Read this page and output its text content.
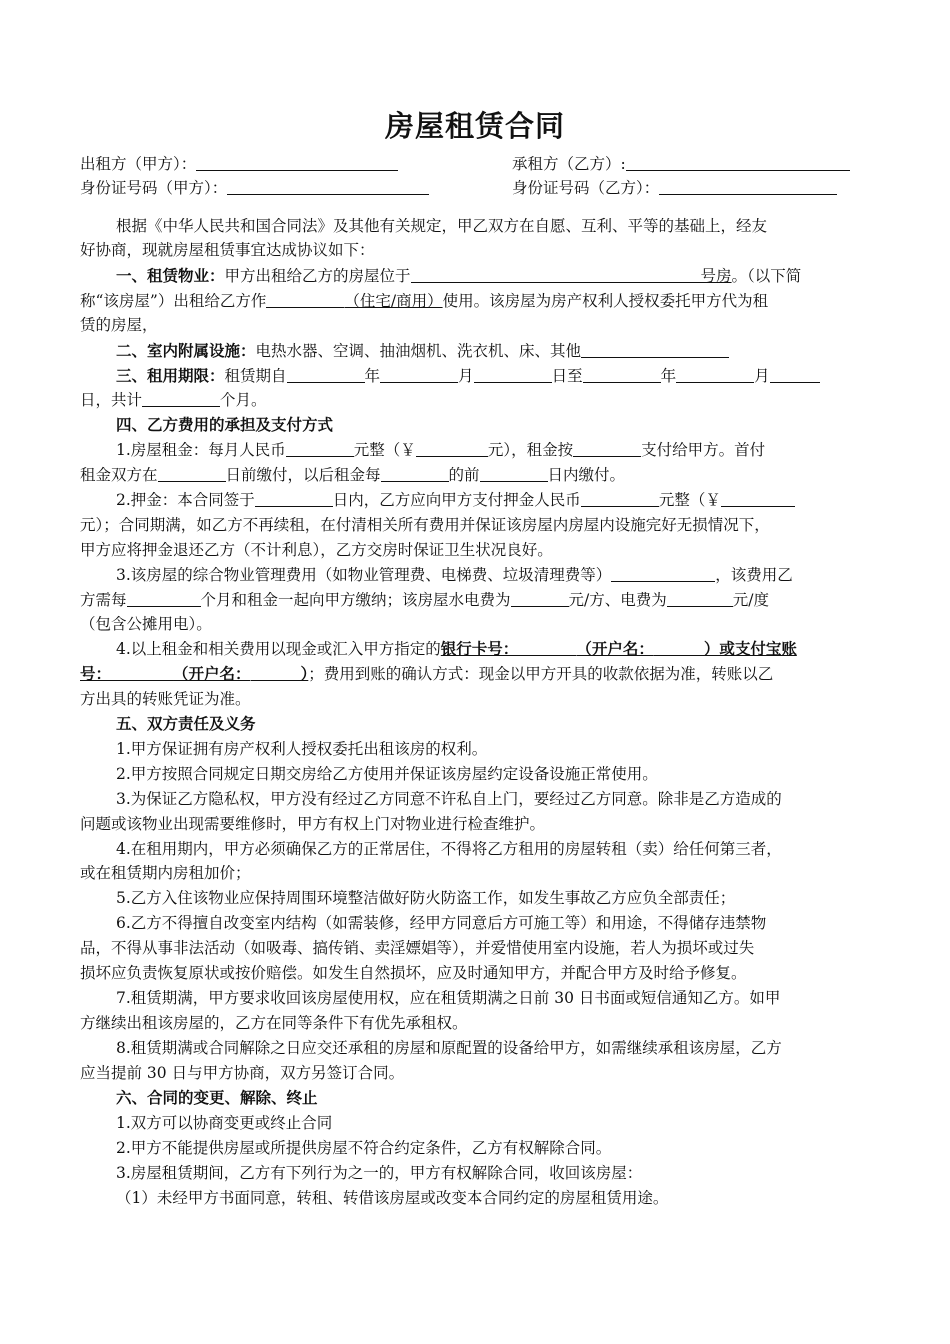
房屋租赁合同
出租方（甲方）：	承租方（乙方）:
身份证号码（甲方）：	身份证号码（乙方）：
根据《中华人民共和国合同法》及其他有关规定，甲乙双方在自愿、互利、平等的基础上，经友
好协商，现就房屋租赁事宜达成协议如下：
一、租赁物业：甲方出租给乙方的房屋位于	号房。（以下简
称“该房屋”）出租给乙方作	（住宅/商用）使用。该房屋为房产权利人授权委托甲方代为租
赁的房屋，
二、室内附属设施：电热水器、空调、抽油烟机、洗衣机、床、其他
三、租用期限：租赁期自	年	月	日至	年	月
日，共计	个月。
四、乙方费用的承担及支付方式
1.房屋租金：每月人民币	元整（￥	元），租金按	支付给甲方。首付
租金双方在	日前缴付，以后租金每	的前	日内缴付。
2.押金：本合同签于	日内，乙方应向甲方支付押金人民币	元整（￥
元）；合同期满，如乙方不再续租，在付清相关所有费用并保证该房屋内房屋内设施完好无损情况下，
甲方应将押金退还乙方（不计利息），乙方交房时保证卫生状况良好。
3.该房屋的综合物业管理费用（如物业管理费、电梯费、垃圾清理费等）	，该费用乙
方需每	个月和租金一起向甲方缴纳；该房屋水电费为	元/方、电费为	元/度
（包含公摊用电）。
4.以上租金和相关费用以现金或汇入甲方指定的银行卡号：	（开户名：	）或支付宝账
号：	（开户名：	）；费用到账的确认方式：现金以甲方开具的收款依据为准，转账以乙
方出具的转账凭证为准。
五、双方责任及义务
1.甲方保证拥有房产权利人授权委托出租该房的权利。
2.甲方按照合同规定日期交房给乙方使用并保证该房屋约定设备设施正常使用。
3.为保证乙方隐私权，甲方没有经过乙方同意不许私自上门，要经过乙方同意。除非是乙方造成的
问题或该物业出现需要维修时，甲方有权上门对物业进行检查维护。
4.在租用期内，甲方必须确保乙方的正常居住，不得将乙方租用的房屋转租（卖）给任何第三者，
或在租赁期内房租加价；
5.乙方入住该物业应保持周围环境整洁做好防火防盗工作，如发生事故乙方应负全部责任；
6.乙方不得擅自改变室内结构（如需装修，经甲方同意后方可施工等）和用途，不得储存违禁物
品，不得从事非法活动（如吸毒、搞传销、卖淫嫖娼等），并爱惜使用室内设施，若人为损坏或过失
损坏应负责恢复原状或按价赔偿。如发生自然损坏，应及时通知甲方，并配合甲方及时给予修复。
7.租赁期满，甲方要求收回该房屋使用权，应在租赁期满之日前 30 日书面或短信通知乙方。如甲
方继续出租该房屋的，乙方在同等条件下有优先承租权。
8.租赁期满或合同解除之日应交还承租的房屋和原配置的设备给甲方，如需继续承租该房屋，乙方
应当提前 30 日与甲方协商，双方另签订合同。
六、合同的变更、解除、终止
1.双方可以协商变更或终止合同
2.甲方不能提供房屋或所提供房屋不符合约定条件，乙方有权解除合同。
3.房屋租赁期间，乙方有下列行为之一的，甲方有权解除合同，收回该房屋：
（1）未经甲方书面同意，转租、转借该房屋或改变本合同约定的房屋租赁用途。
